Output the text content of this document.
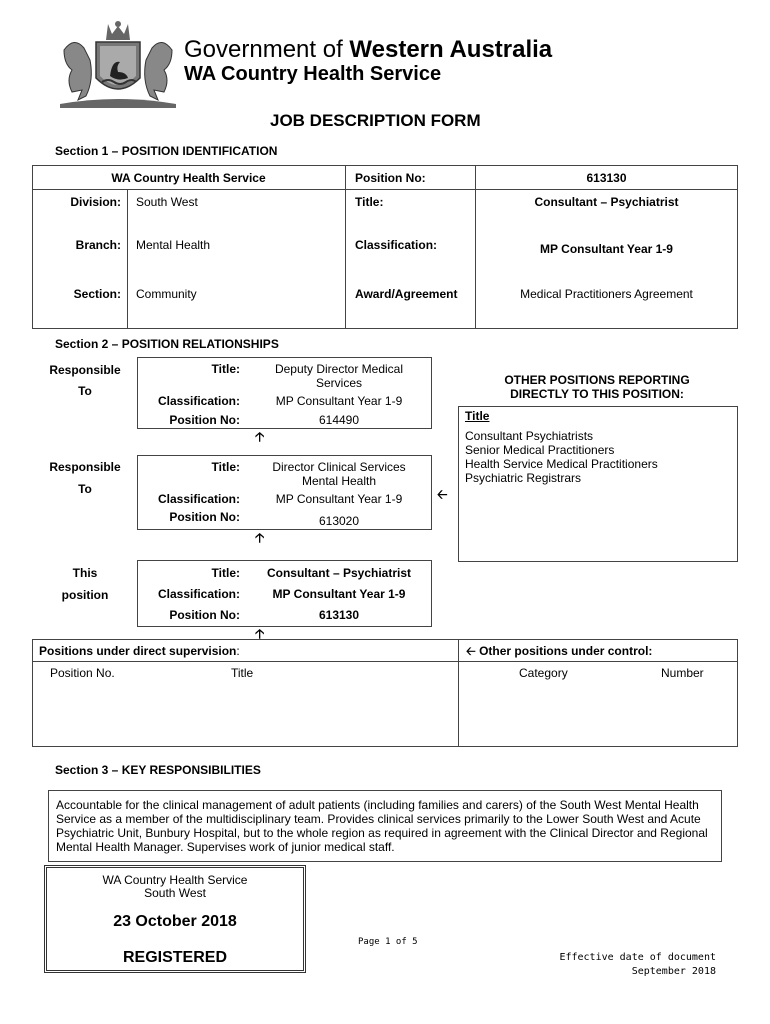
Government of Western Australia
WA Country Health Service
JOB DESCRIPTION FORM
Section 1 – POSITION IDENTIFICATION
WA Country Health Service	Position No:	613130
Division: South West	Title:	Consultant – Psychiatrist
Branch: Mental Health	Classification:	MP Consultant Year 1-9
Section: Community	Award/Agreement	Medical Practitioners Agreement
Section 2 – POSITION RELATIONSHIPS
Responsible
To
Title:	Deputy Director Medical Services
Classification:	MP Consultant Year 1-9
Position No:	614490
🡡
Responsible
To
Title:	Director Clinical Services Mental Health
Classification:	MP Consultant Year 1-9
Position No:	613020
🡠
🡡
This
position
Title:	Consultant – Psychiatrist
Classification:	MP Consultant Year 1-9
Position No:	613130
🡡
OTHER POSITIONS REPORTING DIRECTLY TO THIS POSITION:
Title
Consultant Psychiatrists
Senior Medical Practitioners
Health Service Medical Practitioners
Psychiatric Registrars
Positions under direct supervision:
Position No.	Title
🡠 Other positions under control:
Category	Number
Section 3 – KEY RESPONSIBILITIES
Accountable for the clinical management of adult patients (including families and carers) of the South West Mental Health Service as a member of the multidisciplinary team. Provides clinical services primarily to the Lower South West and Acute Psychiatric Unit, Bunbury Hospital, but to the whole region as required in agreement with the Clinical Director and Regional Mental Health Manager. Supervises work of junior medical staff.
WA Country Health Service
South West
23 October 2018
REGISTERED
Page 1 of 5
Effective date of document
September 2018
